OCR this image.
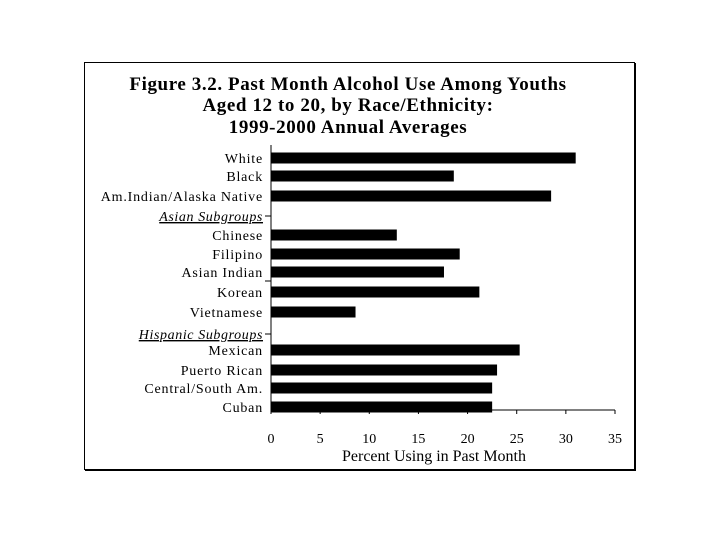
Figure 3.2. Past Month Alcohol Use Among Youths
Aged 12 to 20, by Race/Ethnicity:
1999-2000 Annual Averages
Asian Subgroups
Hispanic Subgroups
White
Black
Am.Indian/Alaska Native
Chinese
Filipino
Asian Indian
Korean
Vietnamese
Mexican
Puerto Rican
Central/South Am.
Cuban
0	5	10	15	20	25	30	35
Percent Using in Past Month
